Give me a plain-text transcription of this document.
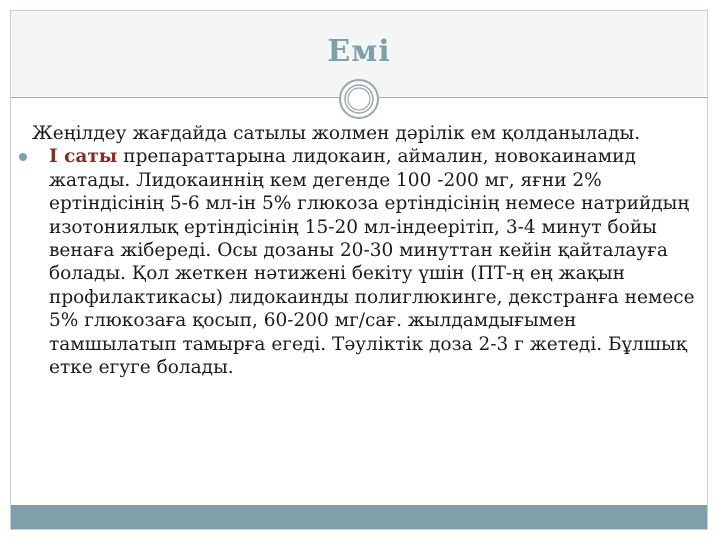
Емі

Жеңілдеу жағдайда сатылы жолмен дәрілік ем қолданылады.

І саты препараттарына лидокаин, аймалин, новокаинамид жатады. Лидокаиннің кем дегенде 100 -200 мг, яғни 2% ертіндісінің 5-6 мл-ін 5% глюкоза ертіндісінің немесе натрийдың изотониялық ертіндісінің 15-20 мл-індеерітіп, 3-4 минут бойы венаға жібереді. Осы дозаны 20-30 минуттан кейін қайталауға болады. Қол жеткен нәтижені бекіту үшін (ПТ-ң ең жақын профилактикасы) лидокаинды полиглюкинге, декстранға немесе 5% глюкозаға қосып, 60-200 мг/сағ. жылдамдығымен тамшылатып тамырға егеді. Тәуліктік доза 2-3 г жетеді. Бұлшық етке егуге болады.
